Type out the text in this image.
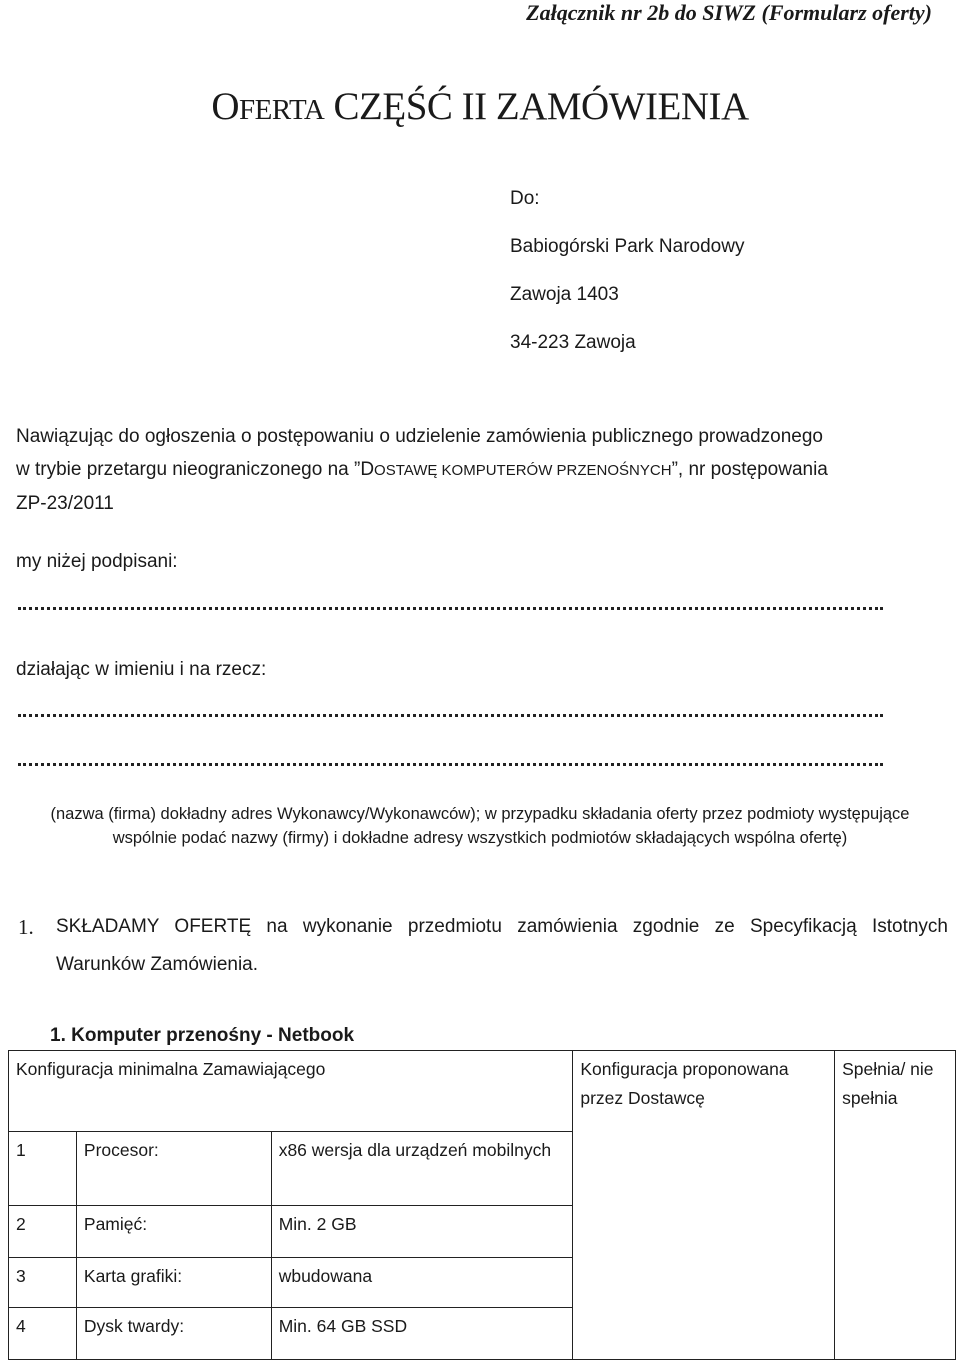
Załącznik nr 2b do SIWZ (Formularz oferty)
OFERTA CZĘŚĆ II ZAMÓWIENIA
Do:
Babiogórski Park Narodowy
Zawoja 1403
34-223 Zawoja
Nawiązując do ogłoszenia o postępowaniu o udzielenie zamówienia publicznego prowadzonego
w trybie przetargu nieograniczonego na ”DOSTAWĘ KOMPUTERÓW PRZENOŚNYCH”, nr postępowania
ZP-23/2011
my niżej podpisani:
działając w imieniu i na rzecz:
(nazwa (firma) dokładny adres Wykonawcy/Wykonawców); w przypadku składania oferty przez podmioty występujące wspólnie podać nazwy (firmy) i dokładne adresy wszystkich podmiotów składających wspólna ofertę)
1. SKŁADAMY OFERTĘ na wykonanie przedmiotu zamówienia zgodnie ze Specyfikacją Istotnych Warunków Zamówienia.
1. Komputer przenośny - Netbook
Konfiguracja minimalna Zamawiającego			Konfiguracja proponowana przez Dostawcę	Spełnia/ nie spełnia
1	Procesor:	x86 wersja dla urządzeń mobilnych		
2	Pamięć:	Min. 2 GB		
3	Karta grafiki:	wbudowana		
4	Dysk twardy:	Min. 64 GB SSD		
